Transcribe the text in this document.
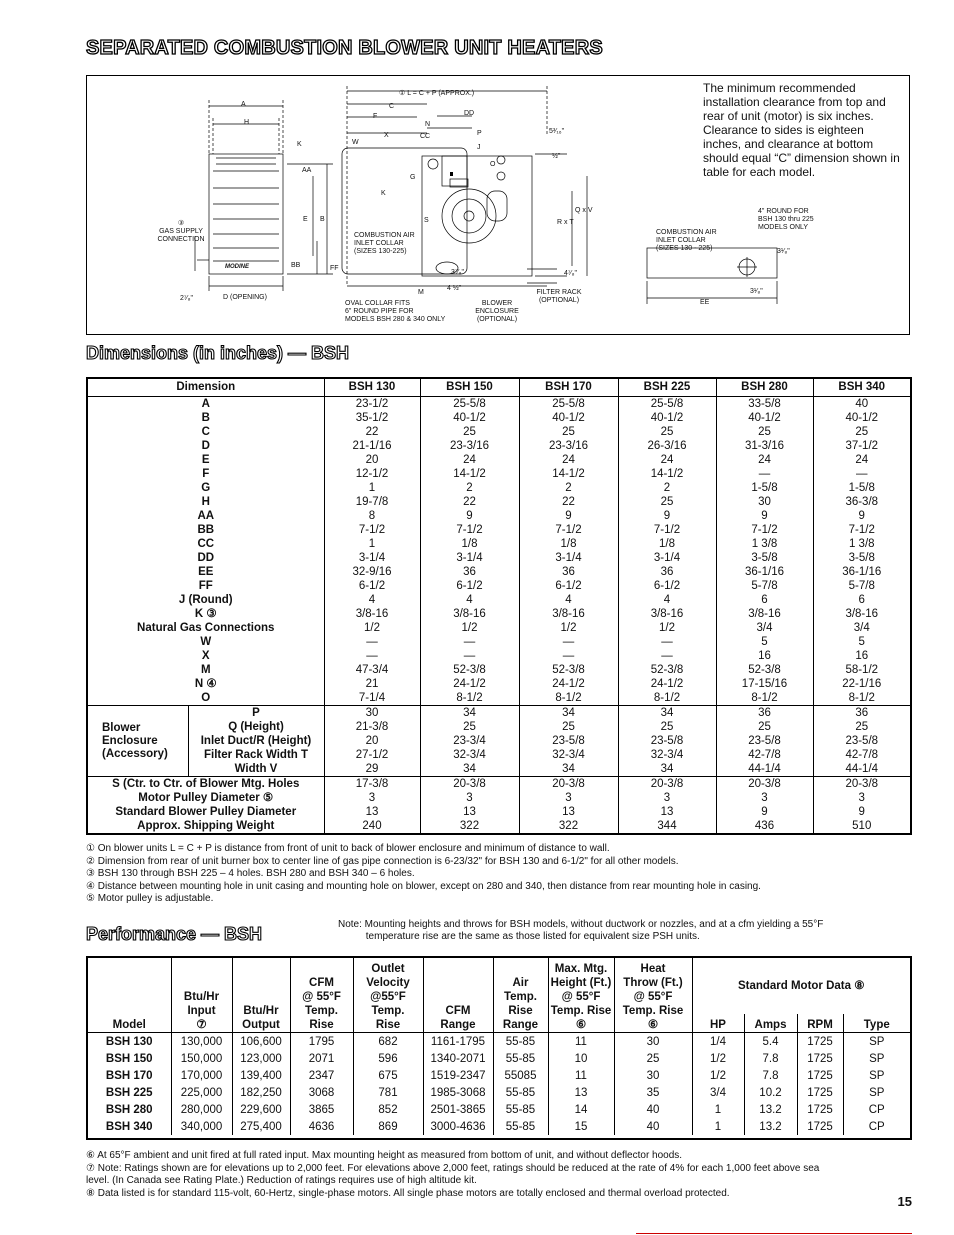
SEPARATED COMBUSTION BLOWER UNIT HEATERS
A
H
K
AA
E B
BB	FF
③
GAS SUPPLY
CONNECTION
D (OPENING)
2⁷⁄₈"
① L = C + P (APPROX.)
C
F	DD
N
X	CC	P
W
J
O
G
K
5³⁄₁₆"
½"
Q x V
R x T
S
M
COMBUSTION AIR
INLET COLLAR
(SIZES 130-225)
3⁷⁄₈"
4 ½"
4⁷⁄₈"
OVAL COLLAR FITS
6" ROUND PIPE FOR
MODELS BSH 280 & 340 ONLY
BLOWER
ENCLOSURE
(OPTIONAL)
FILTER RACK
(OPTIONAL)
4" ROUND FOR
BSH 130 thru 225
MODELS ONLY
COMBUSTION AIR
INLET COLLAR
(SIZES 130 - 225)	3¹⁄₈"
3¹⁄₈"
EE
MODINE
The minimum recommended installation clearance from top and rear of unit (motor) is six inches. Clearance to sides is eighteen inches, and clearance at bottom should equal “C” dimension shown in table for each model.
Dimensions (in inches) — BSH
Dimension		BSH 130	BSH 150	BSH 170	BSH 225	BSH 280	BSH 340
A		23-1/2	25-5/8	25-5/8	25-5/8	33-5/8	40
B		35-1/2	40-1/2	40-1/2	40-1/2	40-1/2	40-1/2
C		22	25	25	25	25	25
D		21-1/16	23-3/16	23-3/16	26-3/16	31-3/16	37-1/2
E		20	24	24	24	24	24
F		12-1/2	14-1/2	14-1/2	14-1/2	—	—
G		1	2	2	2	1-5/8	1-5/8
H		19-7/8	22	22	25	30	36-3/8
AA		8	9	9	9	9	9
BB		7-1/2	7-1/2	7-1/2	7-1/2	7-1/2	7-1/2
CC		1	1/8	1/8	1/8	1 3/8	1 3/8
DD		3-1/4	3-1/4	3-1/4	3-1/4	3-5/8	3-5/8
EE		32-9/16	36	36	36	36-1/16	36-1/16
FF		6-1/2	6-1/2	6-1/2	6-1/2	5-7/8	5-7/8
J (Round)		4	4	4	4	6	6
K ③		3/8-16	3/8-16	3/8-16	3/8-16	3/8-16	3/8-16
Natural Gas Connections		1/2	1/2	1/2	1/2	3/4	3/4
W		—	—	—	—	5	5
X		—	—	—	—	16	16
M		47-3/4	52-3/8	52-3/8	52-3/8	52-3/8	58-1/2
N ④		21	24-1/2	24-1/2	24-1/2	17-15/16	22-1/16
O		7-1/4	8-1/2	8-1/2	8-1/2	8-1/2	8-1/2
Blower Enclosure (Accessory)	P	30	34	34	34	36	36
	Q (Height)	21-3/8	25	25	25	25	25
	Inlet Duct/R (Height)	20	23-3/4	23-5/8	23-5/8	23-5/8	23-5/8
	Filter Rack Width T	27-1/2	32-3/4	32-3/4	32-3/4	42-7/8	42-7/8
	Width V	29	34	34	34	44-1/4	44-1/4
S (Ctr. to Ctr. of Blower Mtg. Holes		17-3/8	20-3/8	20-3/8	20-3/8	20-3/8	20-3/8
Motor Pulley Diameter ⑤		3	3	3	3	3	3
Standard Blower Pulley Diameter		13	13	13	13	9	9
Approx. Shipping Weight		240	322	322	344	436	510
① On blower units L = C + P is distance from front of unit to back of blower enclosure and minimum of distance to wall.
② Dimension from rear of unit burner box to center line of gas pipe connection is 6-23/32" for BSH 130 and 6-1/2" for all other models.
③ BSH 130 through BSH 225 – 4 holes. BSH 280 and BSH 340 – 6 holes.
④ Distance between mounting hole in unit casing and mounting hole on blower, except on 280 and 340, then distance from rear mounting hole in casing.
⑤ Motor pulley is adjustable.
Performance — BSH	Note: Mounting heights and throws for BSH models, without ductwork or nozzles, and at a cfm yielding a 55°F
temperature rise are the same as those listed for equivalent size PSH units.
Model	Btu/Hr
Input
⑦	Btu/Hr
Output	CFM
@ 55°F
Temp.
Rise	Outlet
Velocity
@55°F
Temp.
Rise	CFM
Range	Air
Temp.
Rise
Range	Max. Mtg.
Height (Ft.)
@ 55°F
Temp. Rise
⑥	Heat
Throw (Ft.)
@ 55°F
Temp. Rise
⑥	Standard Motor Data ⑧			
									HP	Amps	RPM	Type
BSH 130	130,000	106,600	1795	682	1161-1795	55-85	11	30	1/4	5.4	1725	SP
BSH 150	150,000	123,000	2071	596	1340-2071	55-85	10	25	1/2	7.8	1725	SP
BSH 170	170,000	139,400	2347	675	1519-2347	55085	11	30	1/2	7.8	1725	SP
BSH 225	225,000	182,250	3068	781	1985-3068	55-85	13	35	3/4	10.2	1725	SP
BSH 280	280,000	229,600	3865	852	2501-3865	55-85	14	40	1	13.2	1725	CP
BSH 340	340,000	275,400	4636	869	3000-4636	55-85	15	40	1	13.2	1725	CP
⑥ At 65°F ambient and unit fired at full rated input. Max mounting height as measured from bottom of unit, and without deflector hoods.
⑦ Note: Ratings shown are for elevations up to 2,000 feet. For elevations above 2,000 feet, ratings should be reduced at the rate of 4% for each 1,000 feet above sea
level. (In Canada see Rating Plate.) Reduction of ratings requires use of high altitude kit.
⑧ Data listed is for standard 115-volt, 60-Hertz, single-phase motors. All single phase motors are totally enclosed and thermal overload protected.
15
